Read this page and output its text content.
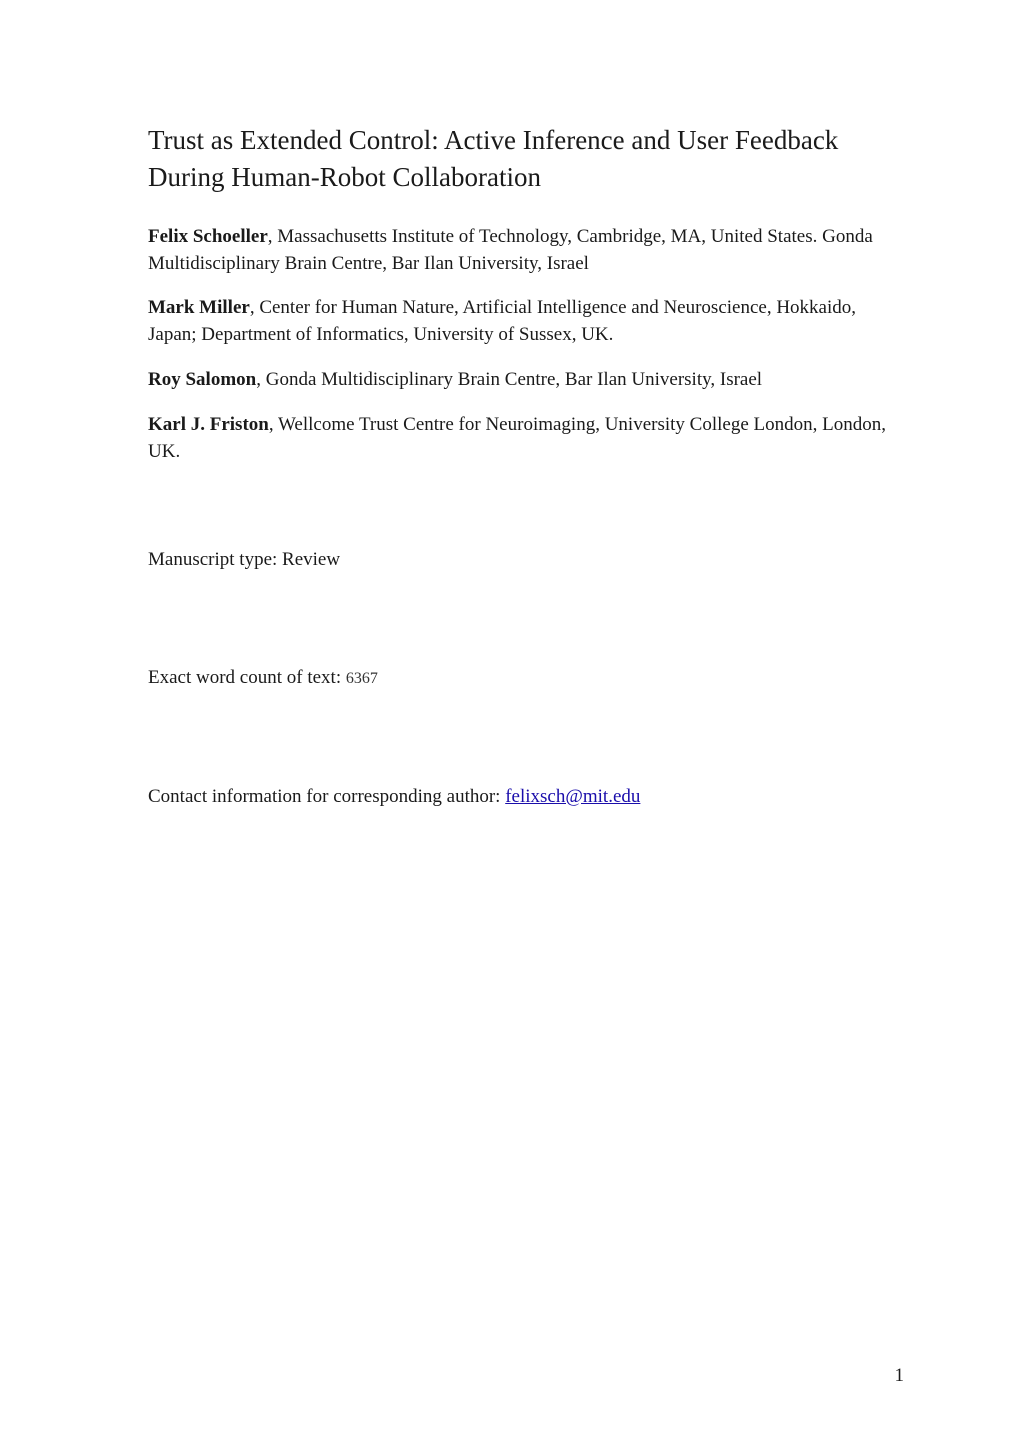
Trust as Extended Control: Active Inference and User Feedback During Human-Robot Collaboration

Felix Schoeller, Massachusetts Institute of Technology, Cambridge, MA, United States. Gonda Multidisciplinary Brain Centre, Bar Ilan University, Israel

Mark Miller, Center for Human Nature, Artificial Intelligence and Neuroscience, Hokkaido, Japan; Department of Informatics, University of Sussex, UK.

Roy Salomon, Gonda Multidisciplinary Brain Centre, Bar Ilan University, Israel

Karl J. Friston, Wellcome Trust Centre for Neuroimaging, University College London, London, UK.

Manuscript type: Review

Exact word count of text: 6367

Contact information for corresponding author: felixsch@mit.edu

1
